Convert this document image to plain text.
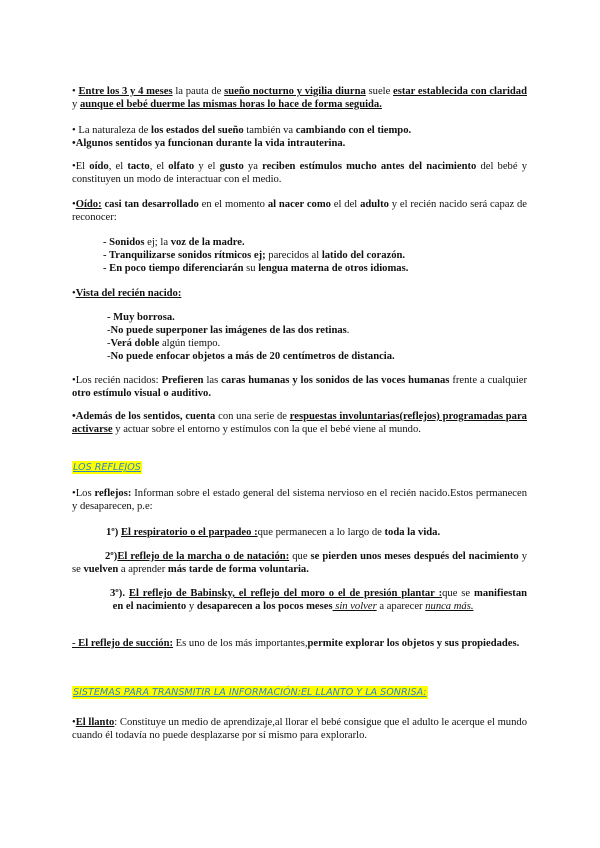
• Entre los 3 y 4 meses la pauta de sueño nocturno y vigilia diurna suele estar establecida con claridad y aunque el bebé duerme las mismas horas lo hace de forma seguida.

• La naturaleza de los estados del sueño también va cambiando con el tiempo.
•Algunos sentidos ya funcionan durante la vida intrauterina.

•El oído, el tacto, el olfato y el gusto ya reciben estímulos mucho antes del nacimiento del bebé y constituyen un modo de interactuar con el medio.

•Oído: casi tan desarrollado en el momento al nacer como el del adulto y el recién nacido será capaz de reconocer:

- Sonidos ej; la voz de la madre.
- Tranquilizarse sonidos rítmicos ej; parecidos al latido del corazón.
- En poco tiempo diferenciarán su lengua materna de otros idiomas.

•Vista del recién nacido:

- Muy borrosa.
-No puede superponer las imágenes de las dos retinas.
-Verá doble algún tiempo.
-No puede enfocar objetos a más de 20 centímetros de distancia.

•Los recién nacidos: Prefieren las caras humanas y los sonidos de las voces humanas frente a cualquier otro estímulo visual o auditivo.

•Además de los sentidos, cuenta con una serie de respuestas involuntarias(reflejos) programadas para activarse y actuar sobre el entorno y estímulos con la que el bebé viene al mundo.

LOS REFLEJOS

•Los reflejos: Informan sobre el estado general del sistema nervioso en el recién nacido.Estos permanecen y desaparecen, p.e:

1º) El respiratorio o el parpadeo :que permanecen a lo largo de toda la vida.

2º)El reflejo de la marcha o de natación: que se pierden unos meses después del nacimiento y se vuelven a aprender más tarde de forma voluntaria.

3º). El reflejo de Babinsky, el reflejo del moro o el de presión plantar :que se manifiestan en el nacimiento y desaparecen a los pocos meses sin volver a aparecer nunca más.

- El reflejo de succión: Es uno de los más importantes,permite explorar los objetos y sus propiedades.

SISTEMAS PARA TRANSMITIR LA INFORMACIÓN:EL LLANTO Y LA SONRISA:

•El llanto: Constituye un medio de aprendizaje,al llorar el bebé consigue que el adulto le acerque el mundo cuando él todavía no puede desplazarse por sí mismo para explorarlo.
